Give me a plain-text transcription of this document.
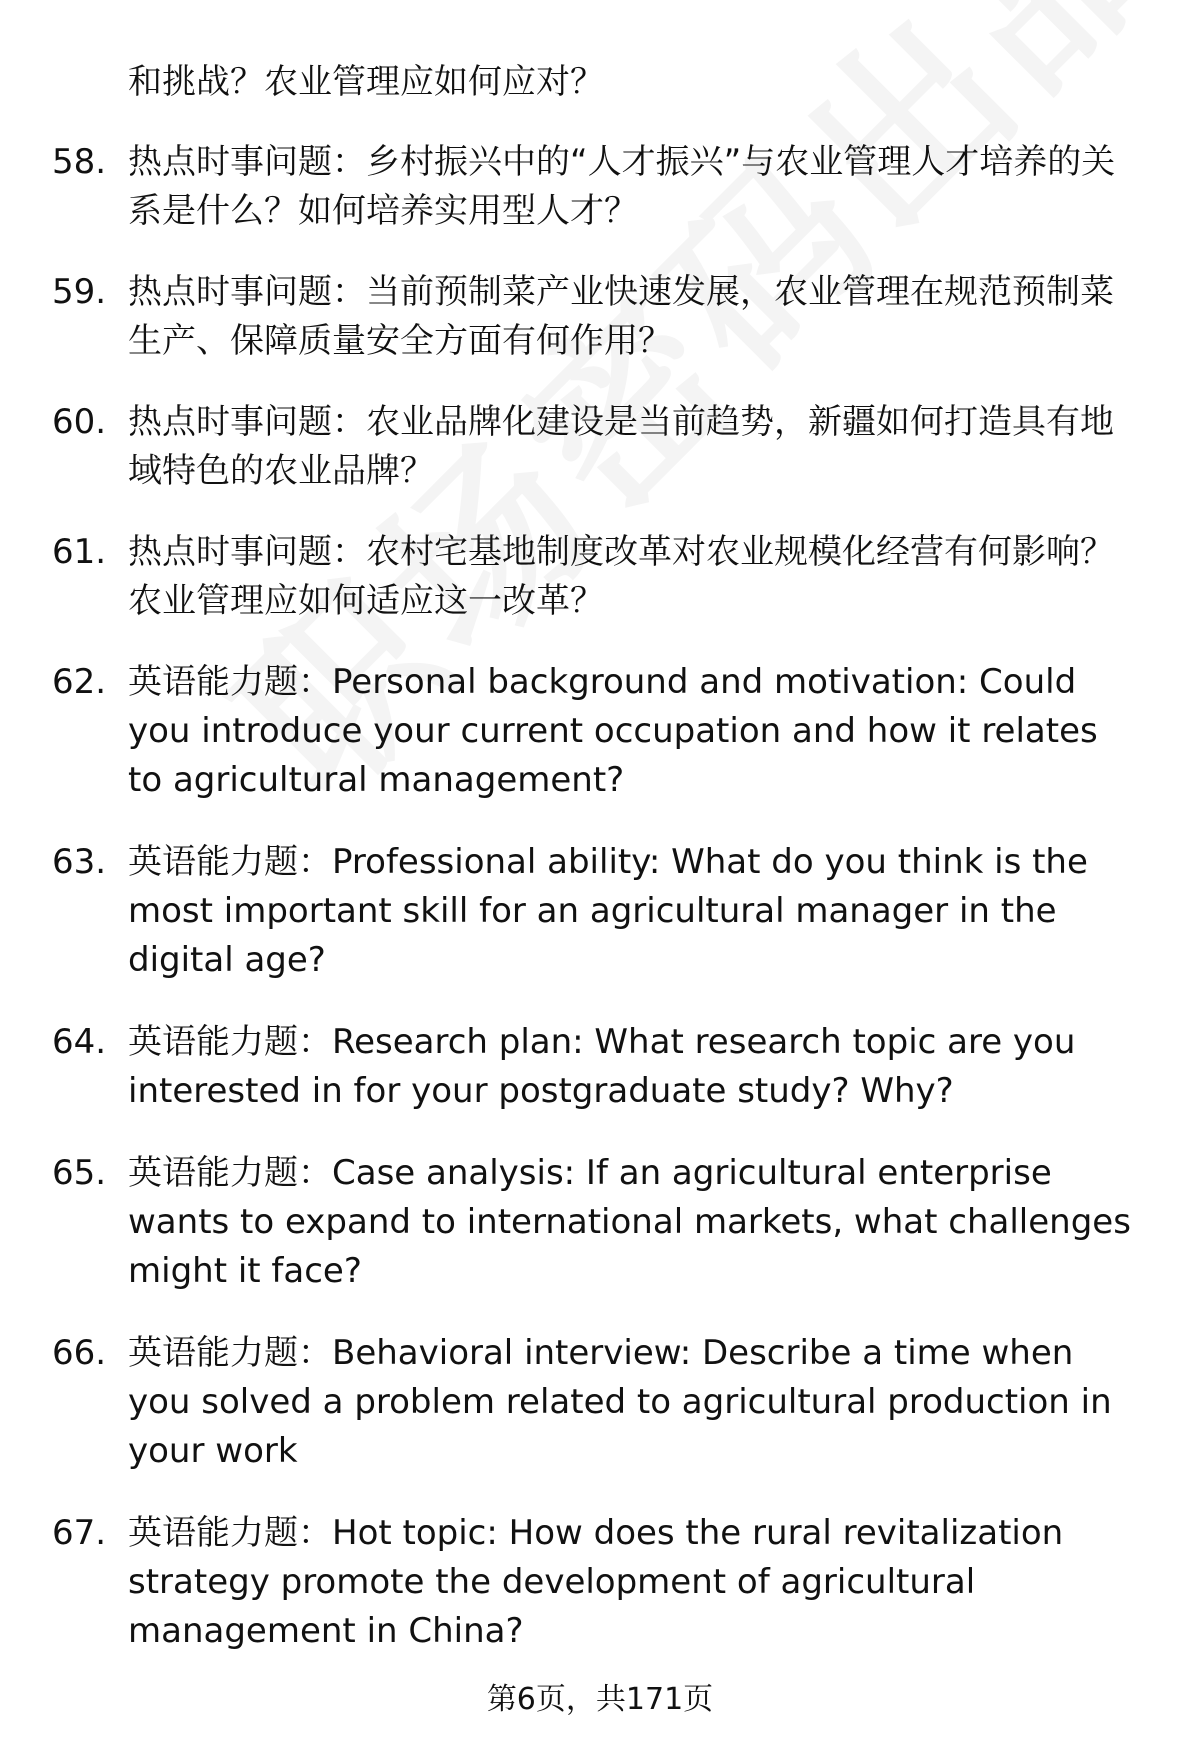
和挑战？农业管理应如何应对？
58. 热点时事问题：乡村振兴中的“人才振兴”与农业管理人才培养的关系是什么？如何培养实用型人才？
59. 热点时事问题：当前预制菜产业快速发展，农业管理在规范预制菜生产、保障质量安全方面有何作用？
60. 热点时事问题：农业品牌化建设是当前趋势，新疆如何打造具有地域特色的农业品牌？
61. 热点时事问题：农村宅基地制度改革对农业规模化经营有何影响？农业管理应如何适应这一改革？
62. 英语能力题：Personal background and motivation: Could you introduce your current occupation and how it relates to agricultural management?
63. 英语能力题：Professional ability: What do you think is the most important skill for an agricultural manager in the digital age?
64. 英语能力题：Research plan: What research topic are you interested in for your postgraduate study? Why?
65. 英语能力题：Case analysis: If an agricultural enterprise wants to expand to international markets, what challenges might it face?
66. 英语能力题：Behavioral interview: Describe a time when you solved a problem related to agricultural production in your work
67. 英语能力题：Hot topic: How does the rural revitalization strategy promote the development of agricultural management in China?
第6页，共171页
